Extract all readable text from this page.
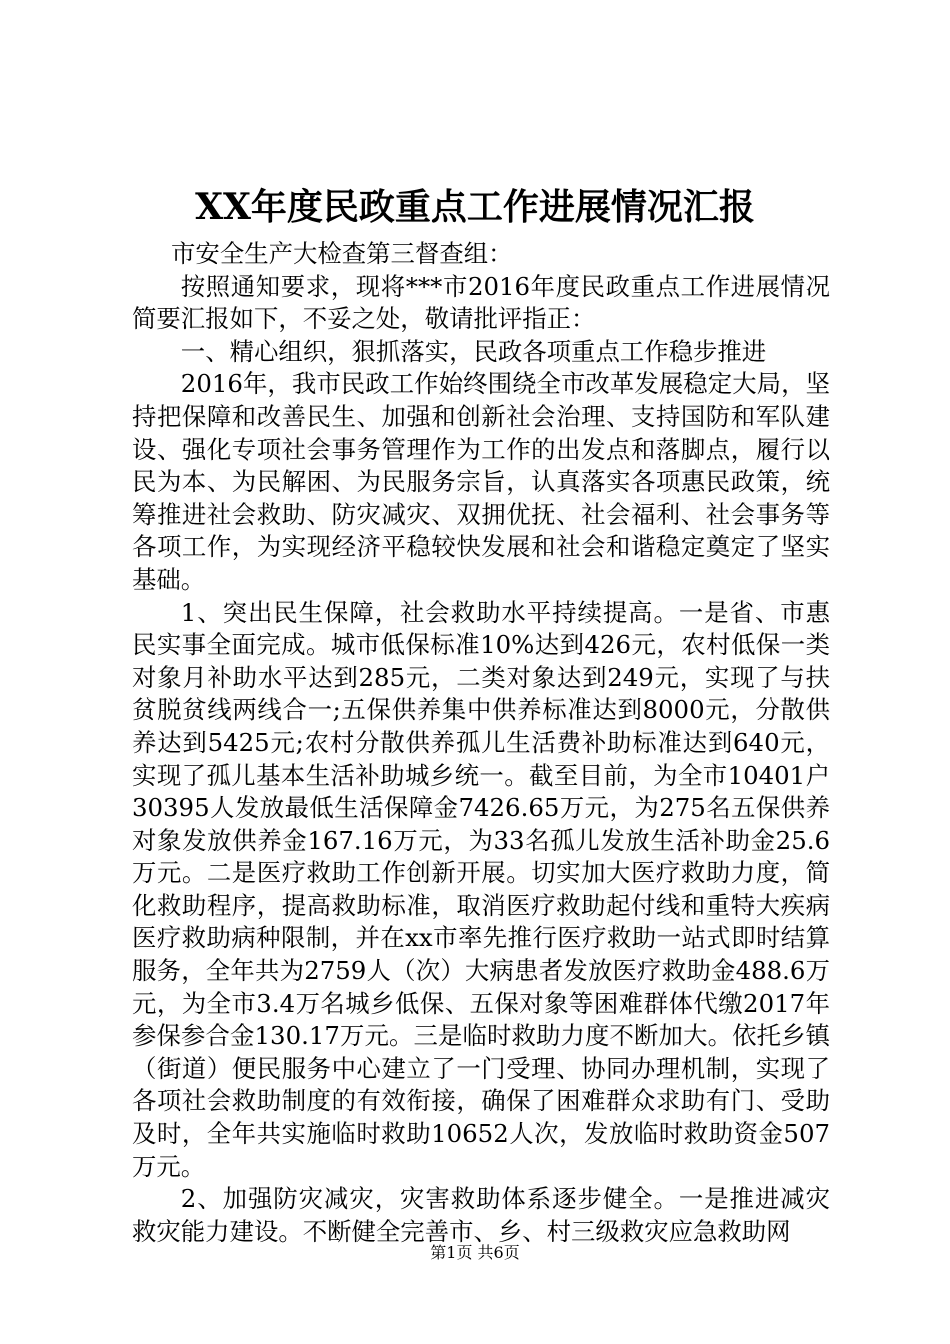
XX年度民政重点工作进展情况汇报

市安全生产大检查第三督查组：

按照通知要求，现将***市2016年度民政重点工作进展情况简要汇报如下，不妥之处，敬请批评指正：

一、精心组织，狠抓落实，民政各项重点工作稳步推进

2016年，我市民政工作始终围绕全市改革发展稳定大局，坚持把保障和改善民生、加强和创新社会治理、支持国防和军队建设、强化专项社会事务管理作为工作的出发点和落脚点，履行以民为本、为民解困、为民服务宗旨，认真落实各项惠民政策，统筹推进社会救助、防灾减灾、双拥优抚、社会福利、社会事务等各项工作，为实现经济平稳较快发展和社会和谐稳定奠定了坚实基础。

1、突出民生保障，社会救助水平持续提高。一是省、市惠民实事全面完成。城市低保标准10%达到426元，农村低保一类对象月补助水平达到285元，二类对象达到249元，实现了与扶贫脱贫线两线合一;五保供养集中供养标准达到8000元，分散供养达到5425元;农村分散供养孤儿生活费补助标准达到640元，实现了孤儿基本生活补助城乡统一。截至目前，为全市10401户30395人发放最低生活保障金7426.65万元，为275名五保供养对象发放供养金167.16万元，为33名孤儿发放生活补助金25.6万元。二是医疗救助工作创新开展。切实加大医疗救助力度，简化救助程序，提高救助标准，取消医疗救助起付线和重特大疾病医疗救助病种限制，并在xx市率先推行医疗救助一站式即时结算服务，全年共为2759人（次）大病患者发放医疗救助金488.6万元，为全市3.4万名城乡低保、五保对象等困难群体代缴2017年参保参合金130.17万元。三是临时救助力度不断加大。依托乡镇（街道）便民服务中心建立了一门受理、协同办理机制，实现了各项社会救助制度的有效衔接，确保了困难群众求助有门、受助及时，全年共实施临时救助10652人次，发放临时救助资金507万元。

2、加强防灾减灾，灾害救助体系逐步健全。一是推进减灾救灾能力建设。不断健全完善市、乡、村三级救灾应急救助网

第1页 共6页
